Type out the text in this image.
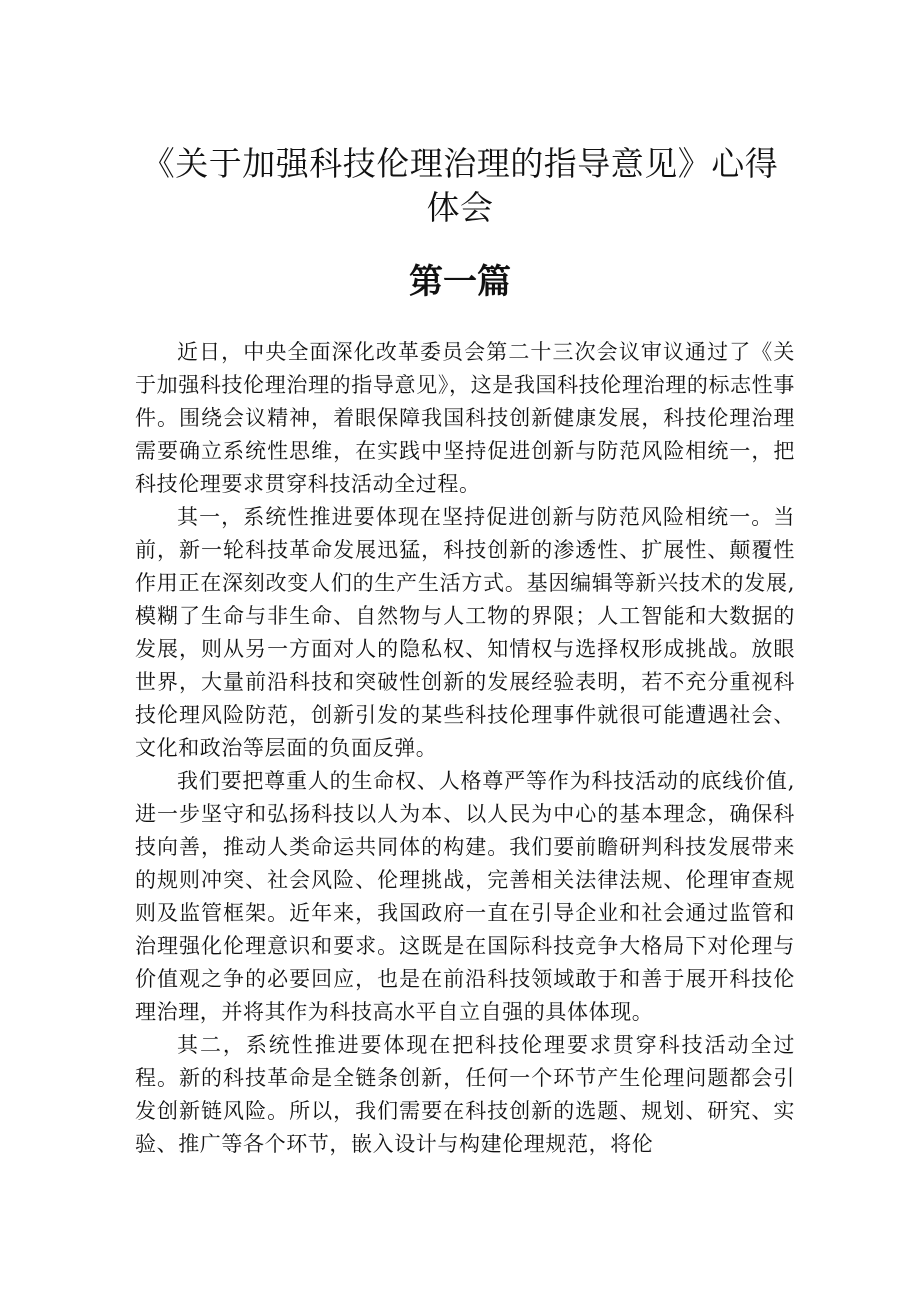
《关于加强科技伦理治理的指导意见》心得
体会
第一篇

近日，中央全面深化改革委员会第二十三次会议审议通过了《关于加强科技伦理治理的指导意见》，这是我国科技伦理治理的标志性事件。围绕会议精神，着眼保障我国科技创新健康发展，科技伦理治理需要确立系统性思维，在实践中坚持促进创新与防范风险相统一，把科技伦理要求贯穿科技活动全过程。

其一，系统性推进要体现在坚持促进创新与防范风险相统一。当前，新一轮科技革命发展迅猛，科技创新的渗透性、扩展性、颠覆性作用正在深刻改变人们的生产生活方式。基因编辑等新兴技术的发展,模糊了生命与非生命、自然物与人工物的界限；人工智能和大数据的发展，则从另一方面对人的隐私权、知情权与选择权形成挑战。放眼世界，大量前沿科技和突破性创新的发展经验表明，若不充分重视科技伦理风险防范，创新引发的某些科技伦理事件就很可能遭遇社会、文化和政治等层面的负面反弹。

我们要把尊重人的生命权、人格尊严等作为科技活动的底线价值,进一步坚守和弘扬科技以人为本、以人民为中心的基本理念，确保科技向善，推动人类命运共同体的构建。我们要前瞻研判科技发展带来的规则冲突、社会风险、伦理挑战，完善相关法律法规、伦理审查规则及监管框架。近年来，我国政府一直在引导企业和社会通过监管和治理强化伦理意识和要求。这既是在国际科技竞争大格局下对伦理与价值观之争的必要回应，也是在前沿科技领域敢于和善于展开科技伦理治理，并将其作为科技高水平自立自强的具体体现。

其二，系统性推进要体现在把科技伦理要求贯穿科技活动全过程。新的科技革命是全链条创新，任何一个环节产生伦理问题都会引发创新链风险。所以，我们需要在科技创新的选题、规划、研究、实验、推广等各个环节，嵌入设计与构建伦理规范，将伦
